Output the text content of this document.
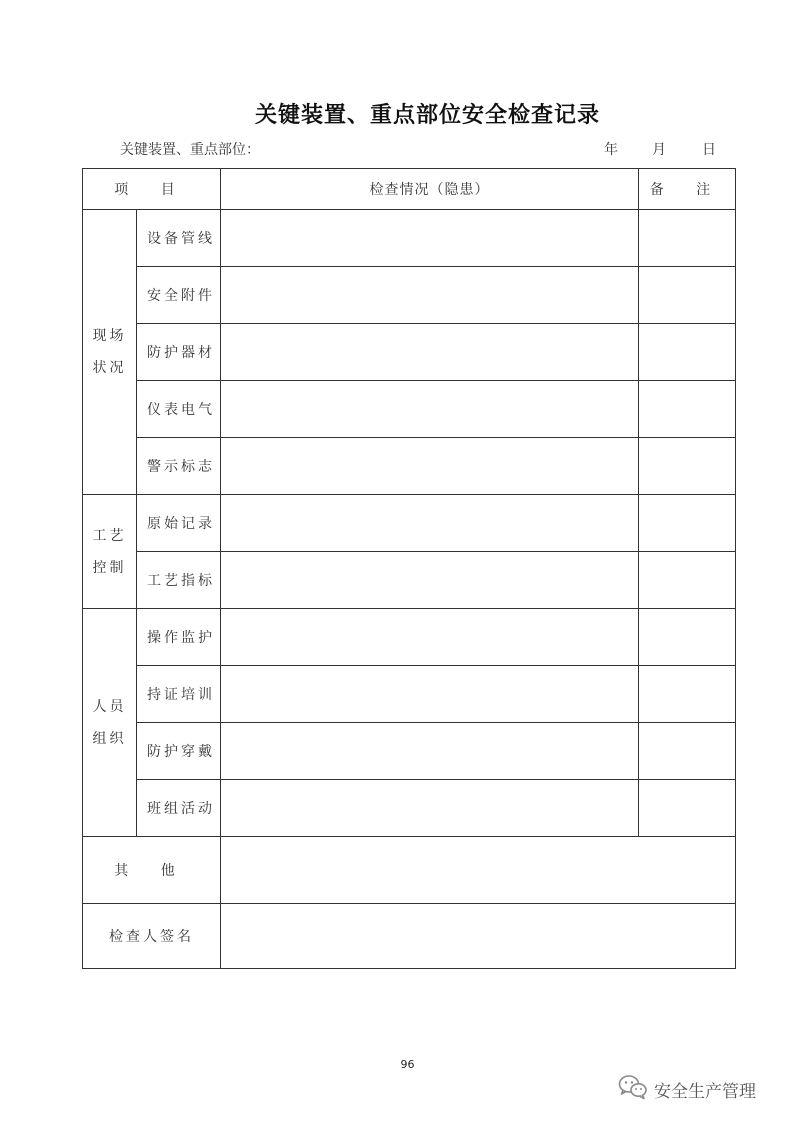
关键装置、重点部位安全检查记录
关键装置、重点部位：	年 月	日
项 目		检查情况（隐患）	备 注

现场
状况	设备管线		
	安全附件		
	防护器材		
	仪表电气		
	警示标志		

工艺
控制	原始记录		
	工艺指标		

人员
组织	操作监护		
	持证培训		
	防护穿戴		
	班组活动		
其 他			
检查人签名			
96
安全生产管理
